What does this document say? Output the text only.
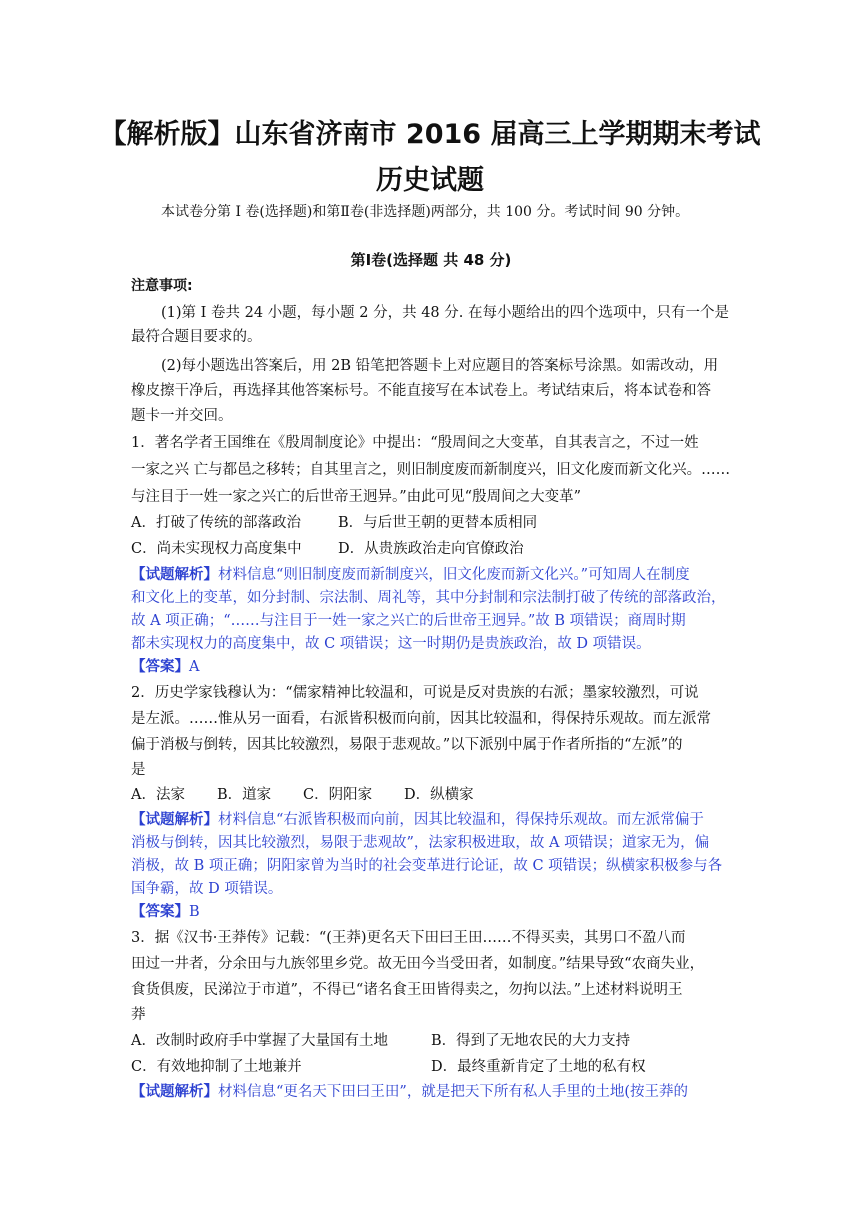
【解析版】山东省济南市 2016 届高三上学期期末考试
历史试题
本试卷分第 I 卷(选择题)和第Ⅱ卷(非选择题)两部分，共 100 分。考试时间 90 分钟。
第Ⅰ卷(选择题 共 48 分)
注意事项:
(1)第 I 卷共 24 小题，每小题 2 分，共 48 分. 在每小题给出的四个选项中，只有一个是
最符合题目要求的。
(2)每小题选出答案后，用 2B 铅笔把答题卡上对应题目的答案标号涂黑。如需改动，用
橡皮擦干净后，再选择其他答案标号。不能直接写在本试卷上。考试结束后，将本试卷和答
题卡一并交回。
1．著名学者王国维在《殷周制度论》中提出：“殷周间之大变革，自其表言之，不过一姓
一家之兴 亡与都邑之移转；自其里言之，则旧制度废而新制度兴，旧文化废而新文化兴。……
与注目于一姓一家之兴亡的后世帝王迥异。”由此可见“殷周间之大变革”
A．打破了传统的部落政治	B．与后世王朝的更替本质相同
C．尚未实现权力高度集中	D．从贵族政治走向官僚政治
【试题解析】材料信息“则旧制度废而新制度兴，旧文化废而新文化兴。”可知周人在制度
和文化上的变革，如分封制、宗法制、周礼等，其中分封制和宗法制打破了传统的部落政治，
故 A 项正确；“……与注目于一姓一家之兴亡的后世帝王迥异。”故 B 项错误；商周时期
都未实现权力的高度集中，故 C 项错误；这一时期仍是贵族政治，故 D 项错误。
【答案】A
2．历史学家钱穆认为：“儒家精神比较温和，可说是反对贵族的右派；墨家较激烈，可说
是左派。……惟从另一面看，右派皆积极而向前，因其比较温和，得保持乐观故。而左派常
偏于消极与倒转，因其比较激烈，易限于悲观故。”以下派别中属于作者所指的“左派”的
是
A．法家 B．道家 C．阴阳家 D．纵横家
【试题解析】材料信息“右派皆积极而向前，因其比较温和，得保持乐观故。而左派常偏于
消极与倒转，因其比较激烈，易限于悲观故”，法家积极进取，故 A 项错误；道家无为，偏
消极，故 B 项正确；阴阳家曾为当时的社会变革进行论证，故 C 项错误；纵横家积极参与各
国争霸，故 D 项错误。
【答案】B
3．据《汉书·王莽传》记载：“(王莽)更名天下田曰王田……不得买卖，其男口不盈八而
田过一井者，分余田与九族邻里乡党。故无田今当受田者，如制度。”结果导致“农商失业，
食货俱废，民涕泣于市道”，不得已“诸名食王田皆得卖之，勿拘以法。”上述材料说明王
莽
A．改制时政府手中掌握了大量国有土地	B．得到了无地农民的大力支持
C．有效地抑制了土地兼并	D．最终重新肯定了土地的私有权
【试题解析】材料信息“更名天下田曰王田”，就是把天下所有私人手里的土地(按王莽的
